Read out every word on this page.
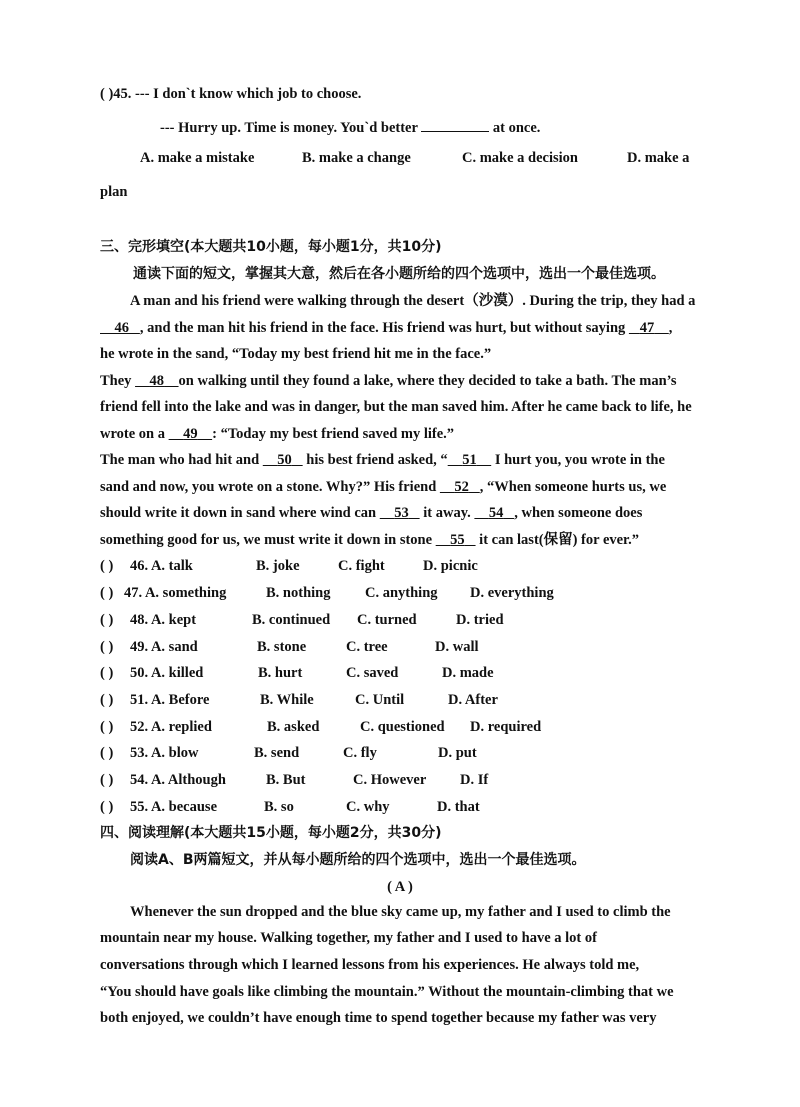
( )45. --- I don`t know which job to choose.
--- Hurry up. Time is money. You`d better	at once.
A. make a mistake	B. make a change	C. make a decision	D. make a
plan
三、完形填空(本大题共10小题，每小题1分，共10分)
通读下面的短文，掌握其大意，然后在各小题所给的四个选项中，选出一个最佳选项。
A man and his friend were walking through the desert（沙漠）. During the trip, they had a
46 , and the man hit his friend in the face. His friend was hurt, but without saying 47 ,
he wrote in the sand, “Today my best friend hit me in the face.”
They 48 on walking until they found a lake, where they decided to take a bath. The man’s
friend fell into the lake and was in danger, but the man saved him. After he came back to life, he
wrote on a 49 : “Today my best friend saved my life.”
The man who had hit and 50 his best friend asked, “ 51 I hurt you, you wrote in the
sand and now, you wrote on a stone. Why?” His friend 52 , “When someone hurts us, we
should write it down in sand where wind can 53 it away. 54 , when someone does
something good for us, we must write it down in stone 55 it can last(保留) for ever.”
( ) 46. A. talk	B. joke	C. fight	D. picnic
( ) 47. A. something	B. nothing C. anything D. everything
( ) 48. A. kept	B. continued C. turned	D. tried
( ) 49. A. sand	B. stone	C. tree	D. wall
( ) 50. A. killed	B. hurt	C. saved	D. made
( ) 51. A. Before	B. While	C. Until	D. After
( ) 52. A. replied	B. asked	C. questioned D. required
( ) 53. A. blow	B. send	C. fly	D. put
( ) 54. A. Although	B. But	C. However D. If
( ) 55. A. because	B. so	C. why	D. that
四、阅读理解(本大题共15小题，每小题2分，共30分)
阅读A、B两篇短文，并从每小题所给的四个选项中，选出一个最佳选项。
( A )
Whenever the sun dropped and the blue sky came up, my father and I used to climb the
mountain near my house. Walking together, my father and I used to have a lot of
conversations through which I learned lessons from his experiences. He always told me,
“You should have goals like climbing the mountain.” Without the mountain-climbing that we
both enjoyed, we couldn’t have enough time to spend together because my father was very
